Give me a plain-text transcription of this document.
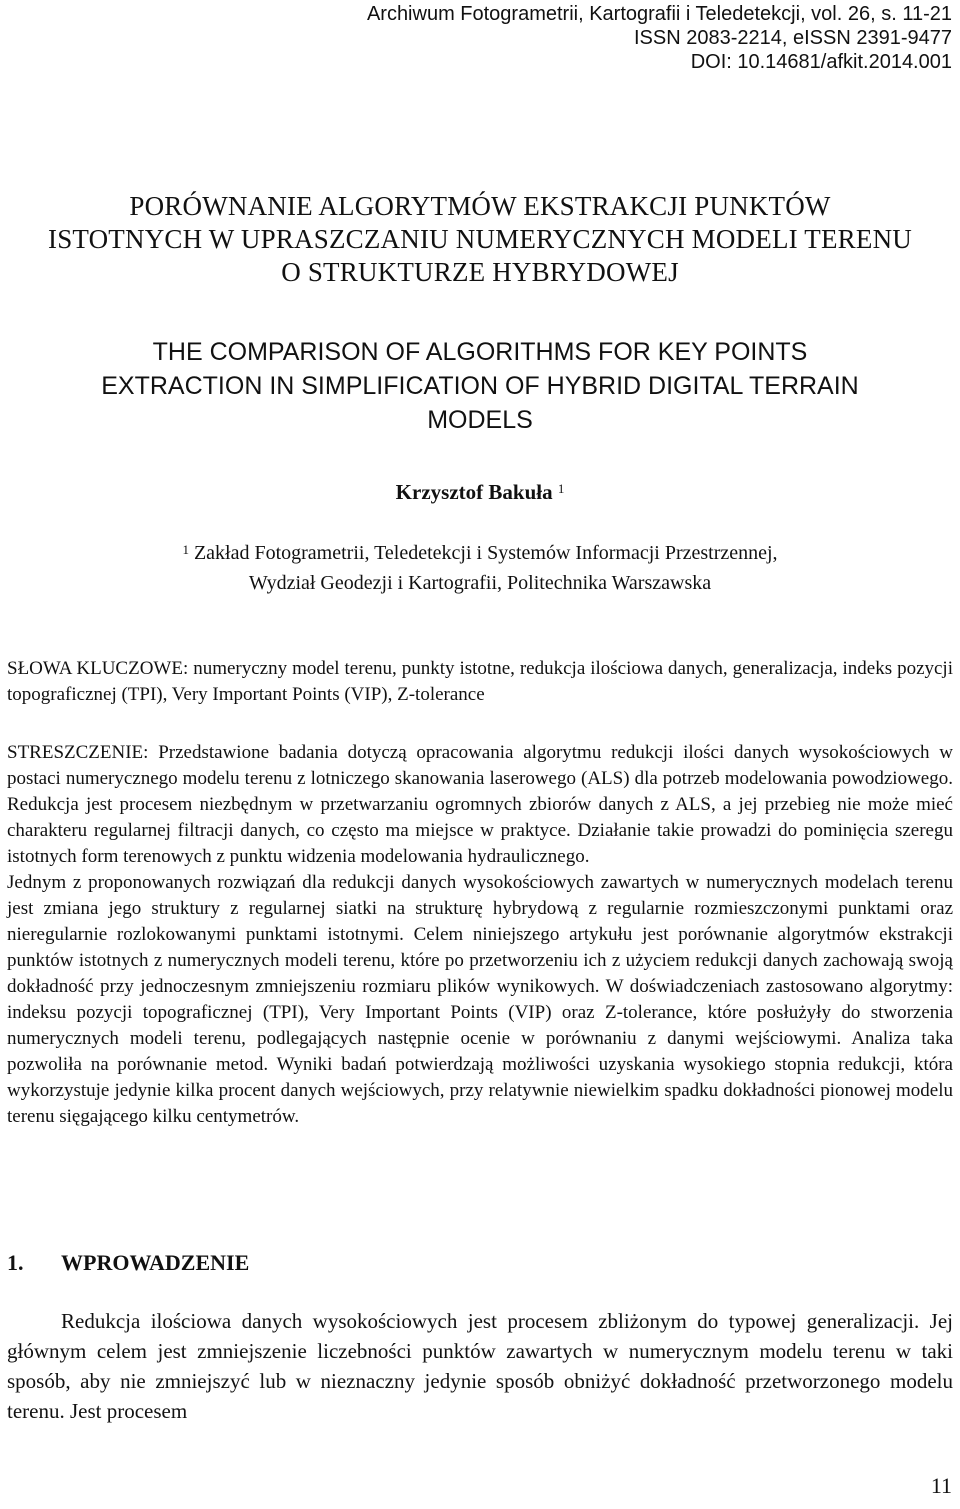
Archiwum Fotogrametrii, Kartografii i Teledetekcji, vol. 26, s. 11-21
ISSN 2083-2214, eISSN 2391-9477
DOI: 10.14681/afkit.2014.001
PORÓWNANIE ALGORYTMÓW EKSTRAKCJI PUNKTÓW
ISTOTNYCH W UPRASZCZANIU NUMERYCZNYCH MODELI TERENU
O STRUKTURZE HYBRYDOWEJ
THE COMPARISON OF ALGORITHMS FOR KEY POINTS
EXTRACTION IN SIMPLIFICATION OF HYBRID DIGITAL TERRAIN
MODELS
Krzysztof Bakuła $^1$
$^1$ Zakład Fotogrametrii, Teledetekcji i Systemów Informacji Przestrzennej,
Wydział Geodezji i Kartografii, Politechnika Warszawska

SŁOWA KLUCZOWE: numeryczny model terenu, punkty istotne, redukcja ilościowa danych, generalizacja, indeks pozycji topograficznej (TPI), Very Important Points (VIP), Z-tolerance

STRESZCZENIE: Przedstawione badania dotyczą opracowania algorytmu redukcji ilości danych wysokościowych w postaci numerycznego modelu terenu z lotniczego skanowania laserowego (ALS) dla potrzeb modelowania powodziowego. Redukcja jest procesem niezbędnym w przetwarzaniu ogromnych zbiorów danych z ALS, a jej przebieg nie może mieć charakteru regularnej filtracji danych, co często ma miejsce w praktyce. Działanie takie prowadzi do pominięcia szeregu istotnych form terenowych z punktu widzenia modelowania hydraulicznego.

Jednym z proponowanych rozwiązań dla redukcji danych wysokościowych zawartych w numerycznych modelach terenu jest zmiana jego struktury z regularnej siatki na strukturę hybrydową z regularnie rozmieszczonymi punktami oraz nieregularnie rozlokowanymi punktami istotnymi. Celem niniejszego artykułu jest porównanie algorytmów ekstrakcji punktów istotnych z numerycznych modeli terenu, które po przetworzeniu ich z użyciem redukcji danych zachowają swoją dokładność przy jednoczesnym zmniejszeniu rozmiaru plików wynikowych. W doświadczeniach zastosowano algorytmy: indeksu pozycji topograficznej (TPI), Very Important Points (VIP) oraz Z-tolerance, które posłużyły do stworzenia numerycznych modeli terenu, podlegających następnie ocenie w porównaniu z danymi wejściowymi. Analiza taka pozwoliła na porównanie metod. Wyniki badań potwierdzają możliwości uzyskania wysokiego stopnia redukcji, która wykorzystuje jedynie kilka procent danych wejściowych, przy relatywnie niewielkim spadku dokładności pionowej modelu terenu sięgającego kilku centymetrów.

1. WPROWADZENIE

Redukcja ilościowa danych wysokościowych jest procesem zbliżonym do typowej generalizacji. Jej głównym celem jest zmniejszenie liczebności punktów zawartych w numerycznym modelu terenu w taki sposób, aby nie zmniejszyć lub w nieznaczny jedynie sposób obniżyć dokładność przetworzonego modelu terenu. Jest procesem

11
